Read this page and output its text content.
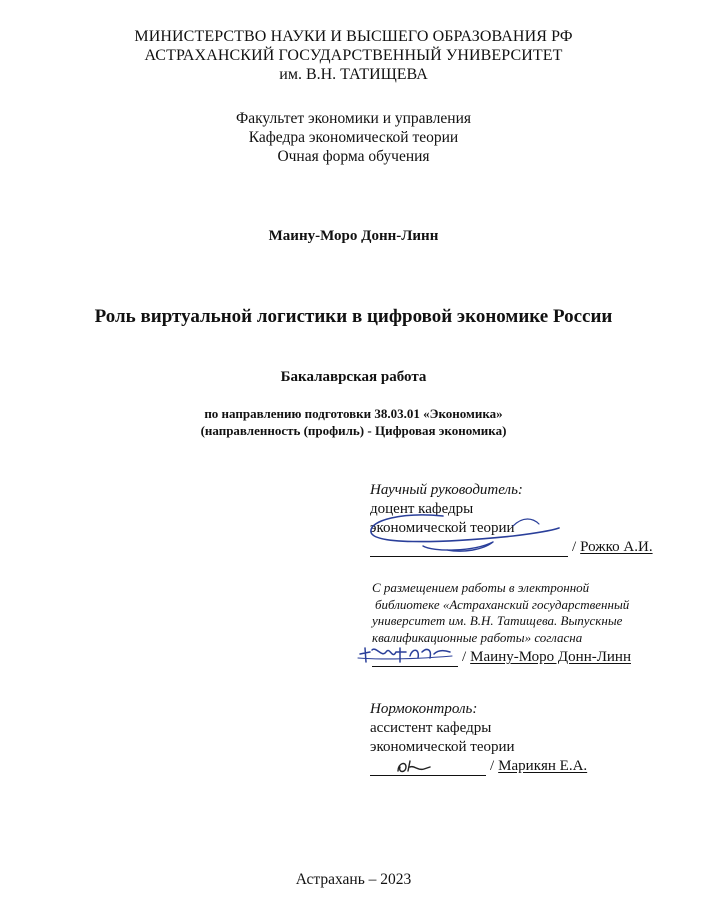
МИНИСТЕРСТВО НАУКИ И ВЫСШЕГО ОБРАЗОВАНИЯ РФ
АСТРАХАНСКИЙ ГОСУДАРСТВЕННЫЙ УНИВЕРСИТЕТ
им. В.Н. ТАТИЩЕВА
Факультет экономики и управления
Кафедра экономической теории
Очная форма обучения
Маину-Моро Донн-Линн
Роль виртуальной логистики в цифровой экономике России
Бакалаврская работа
по направлению подготовки 38.03.01 «Экономика»
(направленность (профиль) - Цифровая экономика)
Научный руководитель:
доцент кафедры
экономической теории
/ Рожко А.И.
С размещением работы в электронной
библиотеке «Астраханский государственный
университет им. В.Н. Татищева. Выпускные
квалификационные работы» согласна
/ Маину-Моро Донн-Линн
Нормоконтроль:
ассистент кафедры
экономической теории
/ Марикян Е.А.
Астрахань – 2023
